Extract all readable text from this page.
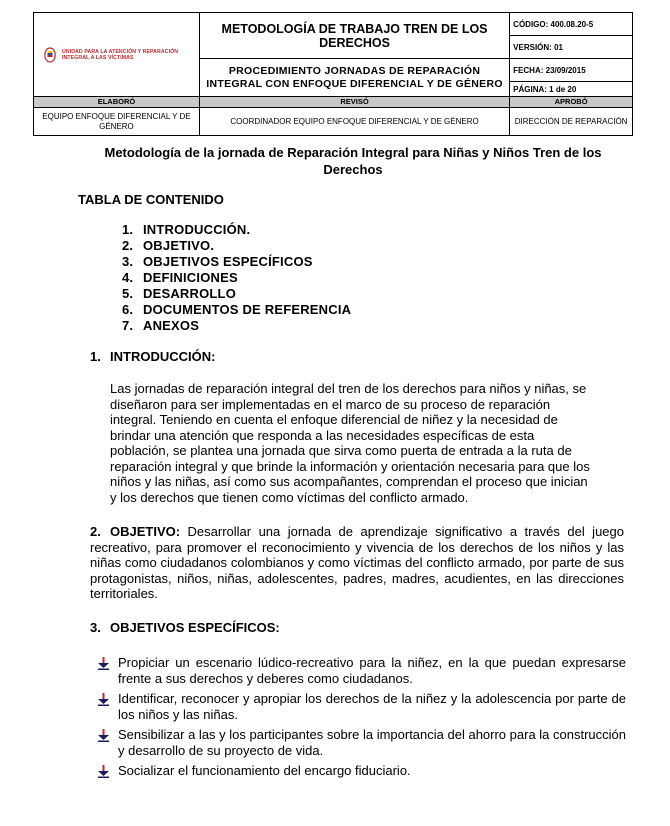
UNIDAD PARA LA ATENCIÓN Y REPARACIÓN INTEGRAL A LAS VÍCTIMAS	METODOLOGÍA DE TRABAJO TREN DE LOS DERECHOS	CÓDIGO: 400.08.20-5
		VERSIÓN: 01

PROCEDIMIENTO JORNADAS DE REPARACIÓN INTEGRAL CON ENFOQUE DIFERENCIAL Y DE GÉNERO	FECHA: 23/09/2015
		PÁGINA: 1 de 20
ELABORÓ	REVISÓ	APROBÓ
EQUIPO ENFOQUE DIFERENCIAL Y DE GÉNERO	COORDINADOR EQUIPO ENFOQUE DIFERENCIAL Y DE GÉNERO	DIRECCIÓN DE REPARACIÓN
Metodología de la jornada de Reparación Integral para Niñas y Niños Tren de los Derechos
TABLA DE CONTENIDO
1. INTRODUCCIÓN.
2. OBJETIVO.
3. OBJETIVOS ESPECÍFICOS
4. DEFINICIONES
5. DESARROLLO
6. DOCUMENTOS DE REFERENCIA
7. ANEXOS
1. INTRODUCCIÓN:
Las jornadas de reparación integral del tren de los derechos para niños y niñas, se
diseñaron para ser implementadas en el marco de su proceso de reparación
integral. Teniendo en cuenta el enfoque diferencial de niñez y la necesidad de
brindar una atención que responda a las necesidades específicas de esta
población, se plantea una jornada que sirva como puerta de entrada a la ruta de
reparación integral y que brinde la información y orientación necesaria para que los
niños y las niñas, así como sus acompañantes, comprendan el proceso que inician
y los derechos que tienen como víctimas del conflicto armado.
2. OBJETIVO: Desarrollar una jornada de aprendizaje significativo a través del juego recreativo, para promover el reconocimiento y vivencia de los derechos de los niños y las niñas como ciudadanos colombianos y como víctimas del conflicto armado, por parte de sus protagonistas, niños, niñas, adolescentes, padres, madres, acudientes, en las direcciones territoriales.
3. OBJETIVOS ESPECÍFICOS:
Propiciar un escenario lúdico-recreativo para la niñez, en la que puedan expresarse frente a sus derechos y deberes como ciudadanos.
Identificar, reconocer y apropiar los derechos de la niñez y la adolescencia por parte de los niños y las niñas.
Sensibilizar a las y los participantes sobre la importancia del ahorro para la construcción y desarrollo de su proyecto de vida.
Socializar el funcionamiento del encargo fiduciario.
